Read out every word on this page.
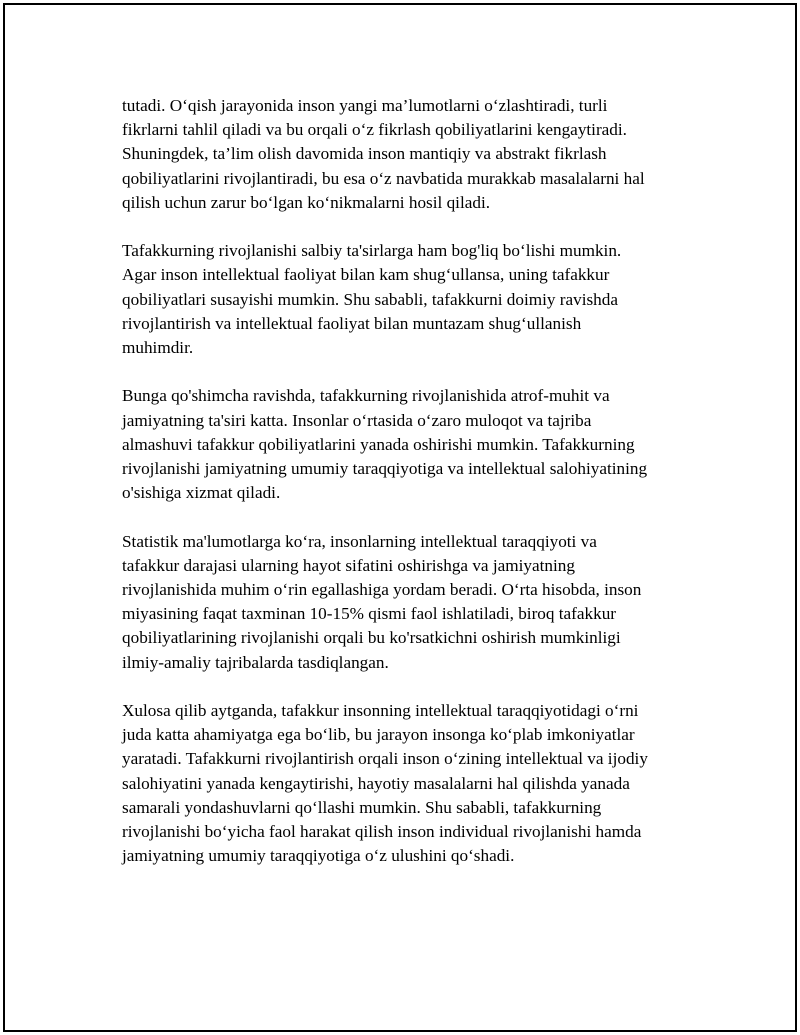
tutadi. O‘qish jarayonida inson yangi ma’lumotlarni o‘zlashtiradi, turli
fikrlarni tahlil qiladi va bu orqali o‘z fikrlash qobiliyatlarini kengaytiradi.
Shuningdek, ta’lim olish davomida inson mantiqiy va abstrakt fikrlash
qobiliyatlarini rivojlantiradi, bu esa o‘z navbatida murakkab masalalarni hal
qilish uchun zarur bo‘lgan ko‘nikmalarni hosil qiladi.

Tafakkurning rivojlanishi salbiy ta'sirlarga ham bog'liq bo‘lishi mumkin.
Agar inson intellektual faoliyat bilan kam shug‘ullansa, uning tafakkur
qobiliyatlari susayishi mumkin. Shu sababli, tafakkurni doimiy ravishda
rivojlantirish va intellektual faoliyat bilan muntazam shug‘ullanish
muhimdir.

Bunga qo'shimcha ravishda, tafakkurning rivojlanishida atrof-muhit va
jamiyatning ta'siri katta. Insonlar o‘rtasida o‘zaro muloqot va tajriba
almashuvi tafakkur qobiliyatlarini yanada oshirishi mumkin. Tafakkurning
rivojlanishi jamiyatning umumiy taraqqiyotiga va intellektual salohiyatining
o'sishiga xizmat qiladi.

Statistik ma'lumotlarga ko‘ra, insonlarning intellektual taraqqiyoti va
tafakkur darajasi ularning hayot sifatini oshirishga va jamiyatning
rivojlanishida muhim o‘rin egallashiga yordam beradi. O‘rta hisobda, inson
miyasining faqat taxminan 10-15% qismi faol ishlatiladi, biroq tafakkur
qobiliyatlarining rivojlanishi orqali bu ko'rsatkichni oshirish mumkinligi
ilmiy-amaliy tajribalarda tasdiqlangan.

Xulosa qilib aytganda, tafakkur insonning intellektual taraqqiyotidagi o‘rni
juda katta ahamiyatga ega bo‘lib, bu jarayon insonga ko‘plab imkoniyatlar
yaratadi. Tafakkurni rivojlantirish orqali inson o‘zining intellektual va ijodiy
salohiyatini yanada kengaytirishi, hayotiy masalalarni hal qilishda yanada
samarali yondashuvlarni qo‘llashi mumkin. Shu sababli, tafakkurning
rivojlanishi bo‘yicha faol harakat qilish inson individual rivojlanishi hamda
jamiyatning umumiy taraqqiyotiga o‘z ulushini qo‘shadi.
